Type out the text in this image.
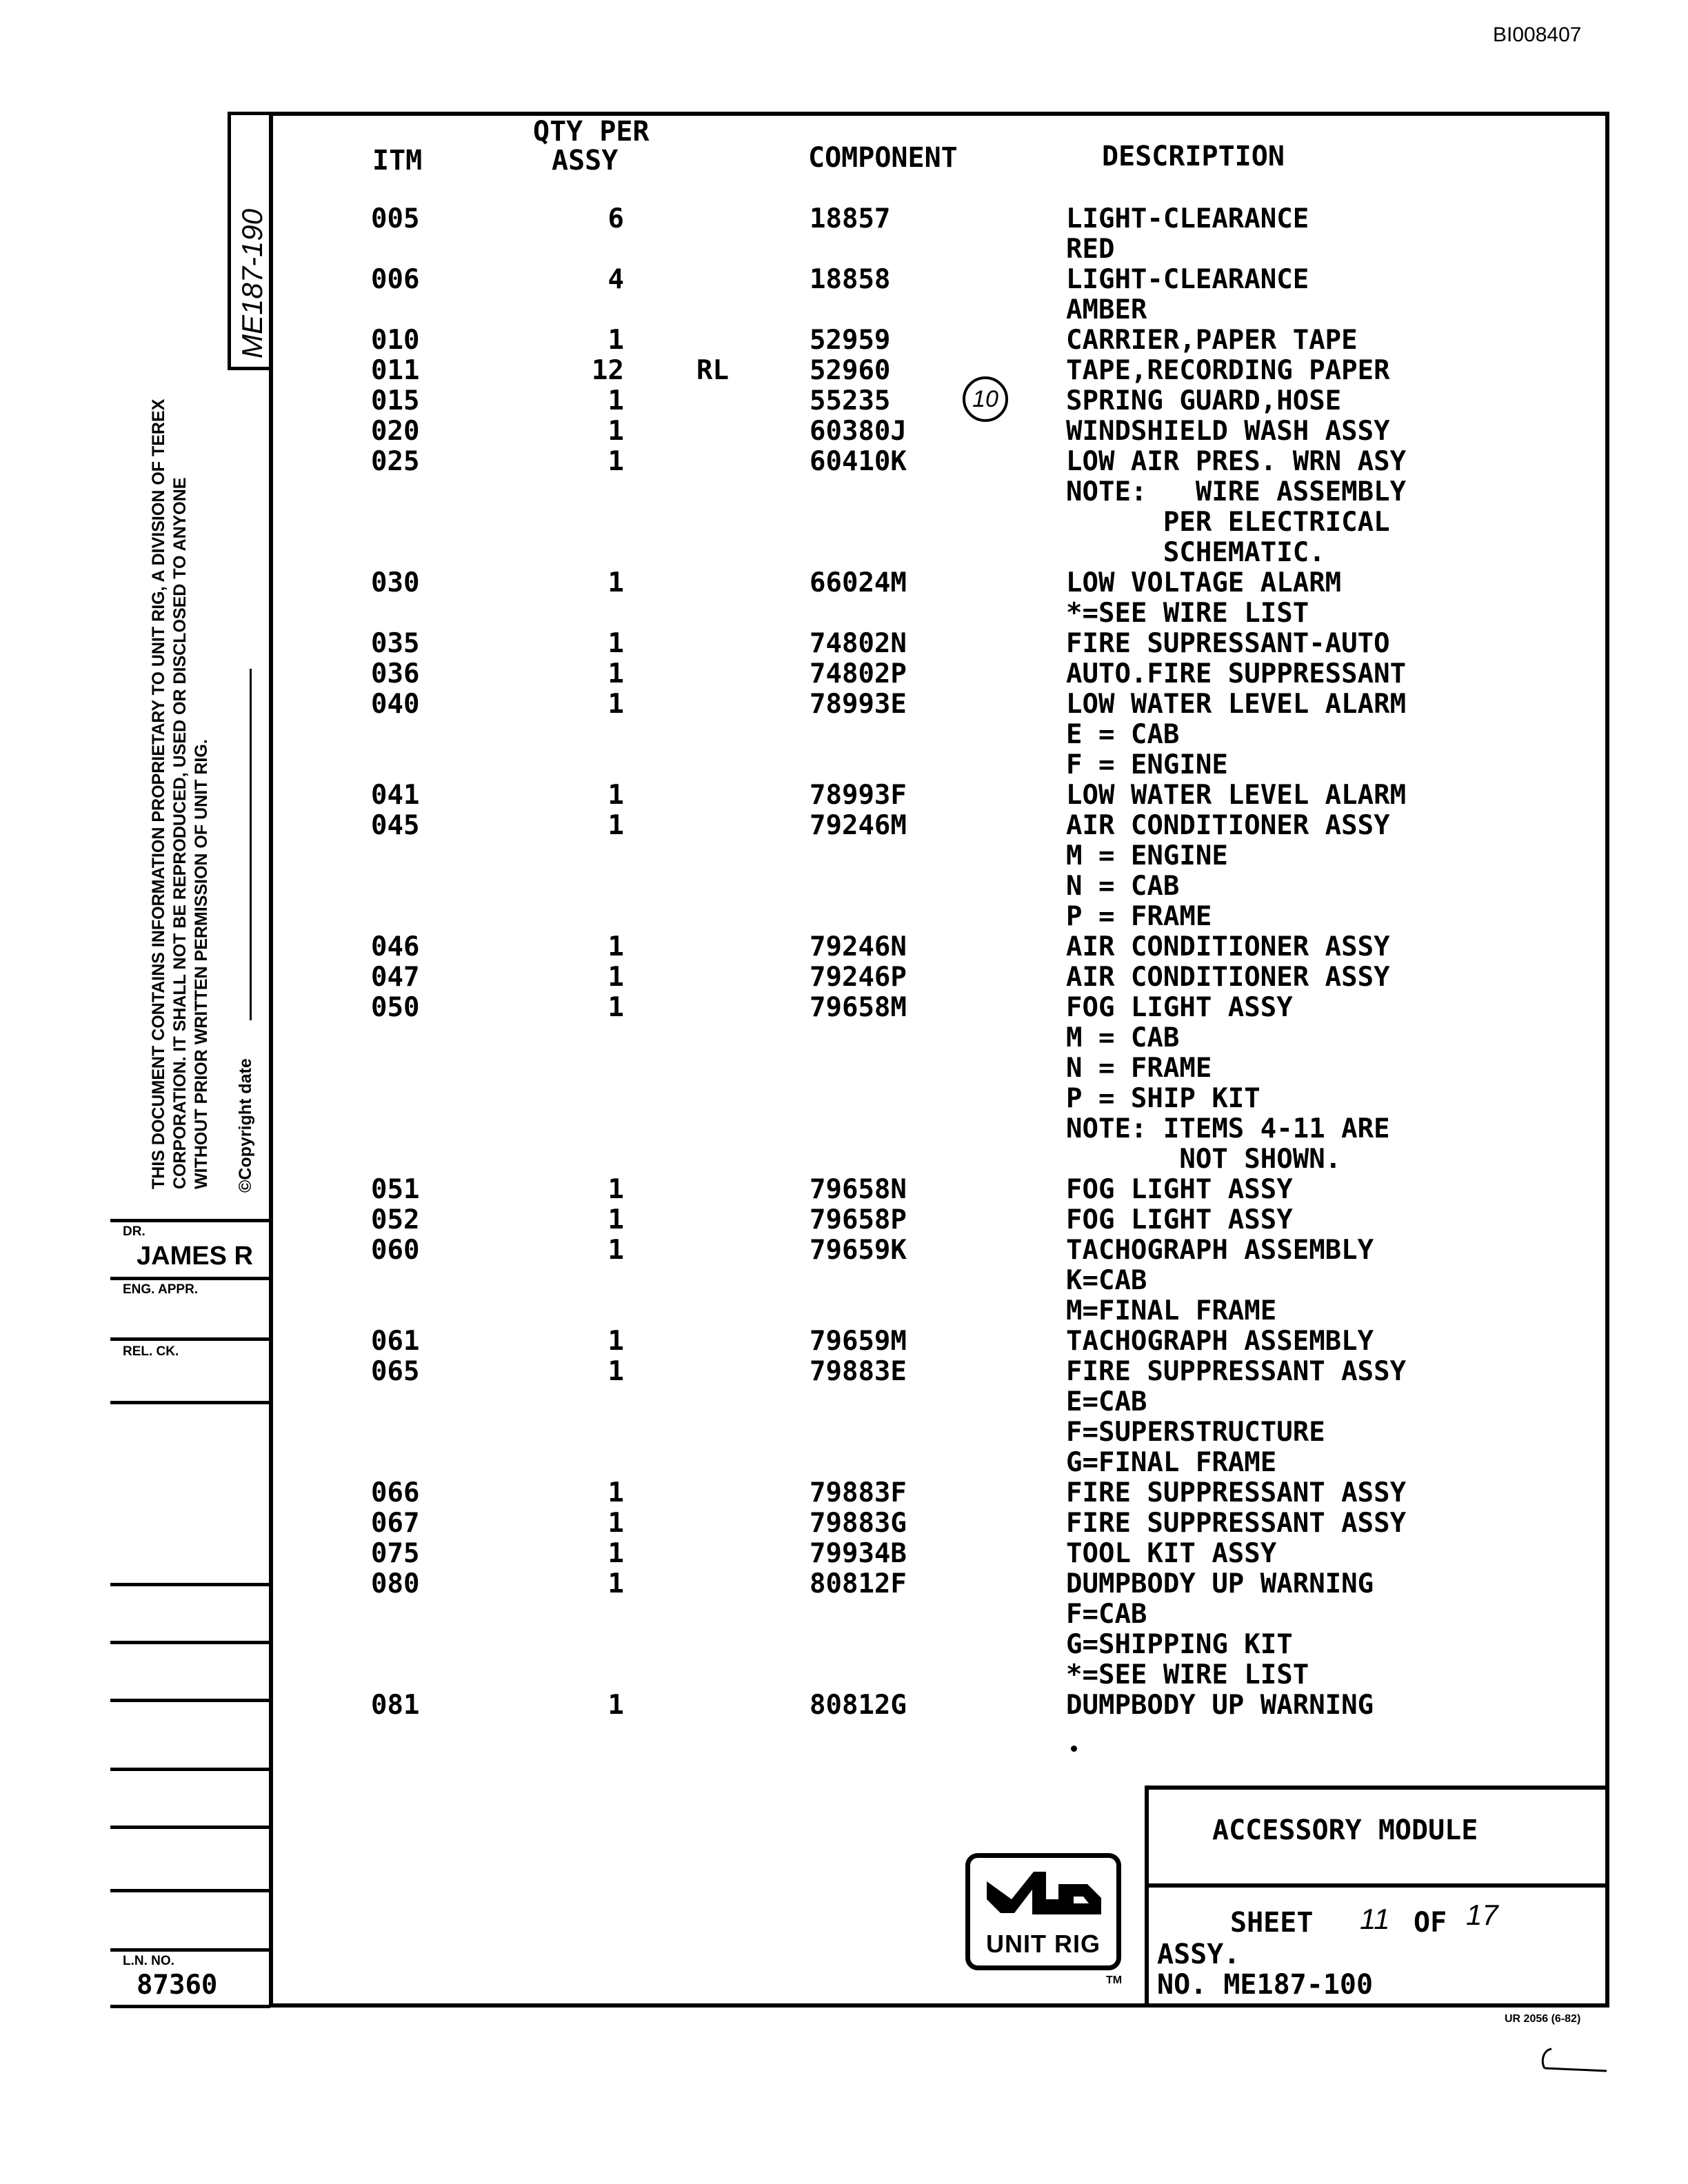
BI008407
ME187-190
THIS DOCUMENT CONTAINS INFORMATION PROPRIETARY TO UNIT RIG, A DIVISION OF TEREX CORPORATION. IT SHALL NOT BE REPRODUCED, USED OR DISCLOSED TO ANYONE WITHOUT PRIOR WRITTEN PERMISSION OF UNIT RIG. ©Copyright date
DR.
JAMES R
ENG. APPR.
REL. CK.
L.N. NO.
87360
ITM
QTY PER
ASSY	COMPONENT	DESCRIPTION
005	6	18857	LIGHT-CLEARANCE
RED
006	4	18858	LIGHT-CLEARANCE
AMBER
010	1	52959	CARRIER,PAPER TAPE
011	12	RL	52960	TAPE,RECORDING PAPER
015	1	55235	SPRING GUARD,HOSE
020	1	60380J	WINDSHIELD WASH ASSY
025	1	60410K	LOW AIR PRES. WRN ASY
NOTE:   WIRE ASSEMBLY
PER ELECTRICAL
SCHEMATIC.
030	1	66024M	LOW VOLTAGE ALARM
*=SEE WIRE LIST
035	1	74802N	FIRE SUPRESSANT-AUTO
036	1	74802P	AUTO.FIRE SUPPRESSANT
040	1	78993E	LOW WATER LEVEL ALARM
E = CAB
F = ENGINE
041	1	78993F	LOW WATER LEVEL ALARM
045	1	79246M	AIR CONDITIONER ASSY
M = ENGINE
N = CAB
P = FRAME
046	1	79246N	AIR CONDITIONER ASSY
047	1	79246P	AIR CONDITIONER ASSY
050	1	79658M	FOG LIGHT ASSY
M = CAB
N = FRAME
P = SHIP KIT
NOTE: ITEMS 4-11 ARE
NOT SHOWN.
051	1	79658N	FOG LIGHT ASSY
052	1	79658P	FOG LIGHT ASSY
060	1	79659K	TACHOGRAPH ASSEMBLY
K=CAB
M=FINAL FRAME
061	1	79659M	TACHOGRAPH ASSEMBLY
065	1	79883E	FIRE SUPPRESSANT ASSY
E=CAB
F=SUPERSTRUCTURE
G=FINAL FRAME
066	1	79883F	FIRE SUPPRESSANT ASSY
067	1	79883G	FIRE SUPPRESSANT ASSY
075	1	79934B	TOOL KIT ASSY
080	1	80812F	DUMPBODY UP WARNING
F=CAB
G=SHIPPING KIT
*=SEE WIRE LIST
081	1	80812G	DUMPBODY UP WARNING
10
ACCESSORY MODULE
SHEET 11 OF 17
ASSY.
NO. ME187-100
UNIT RIG
TM
UR 2056 (6-82)
